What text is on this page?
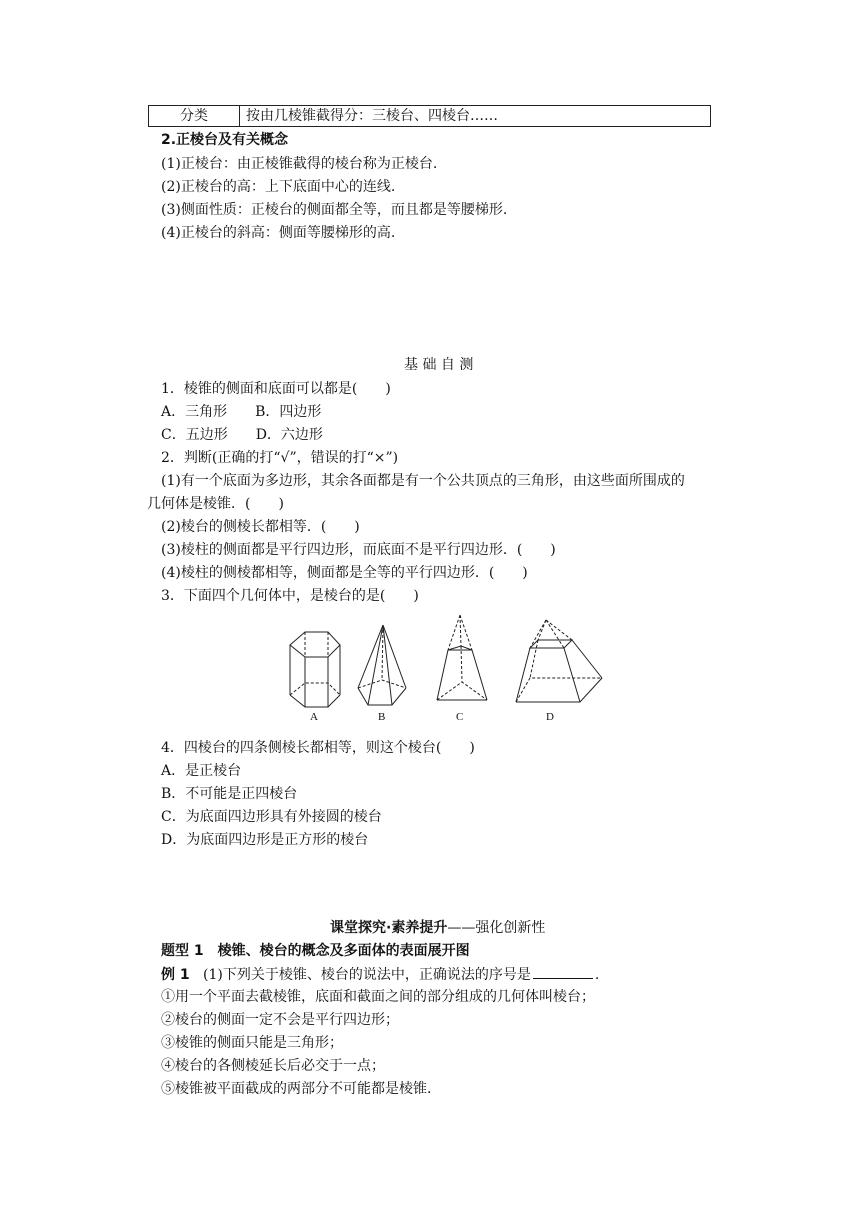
分类	按由几棱锥截得分：三棱台、四棱台……
2.正棱台及有关概念
(1)正棱台：由正棱锥截得的棱台称为正棱台.
(2)正棱台的高：上下底面中心的连线.
(3)侧面性质：正棱台的侧面都全等，而且都是等腰梯形.
(4)正棱台的斜高：侧面等腰梯形的高.
基 础 自 测
1．棱锥的侧面和底面可以都是(　　)
A．三角形　　B．四边形
C．五边形　　D．六边形
2．判断(正确的打“√”，错误的打“×”)
(1)有一个底面为多边形，其余各面都是有一个公共顶点的三角形，由这些面所围成的
几何体是棱锥．(　　)
(2)棱台的侧棱长都相等．(　　)
(3)棱柱的侧面都是平行四边形，而底面不是平行四边形．(　　)
(4)棱柱的侧棱都相等，侧面都是全等的平行四边形．(　　)
3．下面四个几何体中，是棱台的是(　　)
A	B	C	D
4．四棱台的四条侧棱长都相等，则这个棱台(　　)
A．是正棱台
B．不可能是正四棱台
C．为底面四边形具有外接圆的棱台
D．为底面四边形是正方形的棱台
课堂探究·素养提升——强化创新性
题型 1　棱锥、棱台的概念及多面体的表面展开图
例 1 (1)下列关于棱锥、棱台的说法中，正确说法的序号是	.
①用一个平面去截棱锥，底面和截面之间的部分组成的几何体叫棱台；
②棱台的侧面一定不会是平行四边形；
③棱锥的侧面只能是三角形；
④棱台的各侧棱延长后必交于一点；
⑤棱锥被平面截成的两部分不可能都是棱锥.
